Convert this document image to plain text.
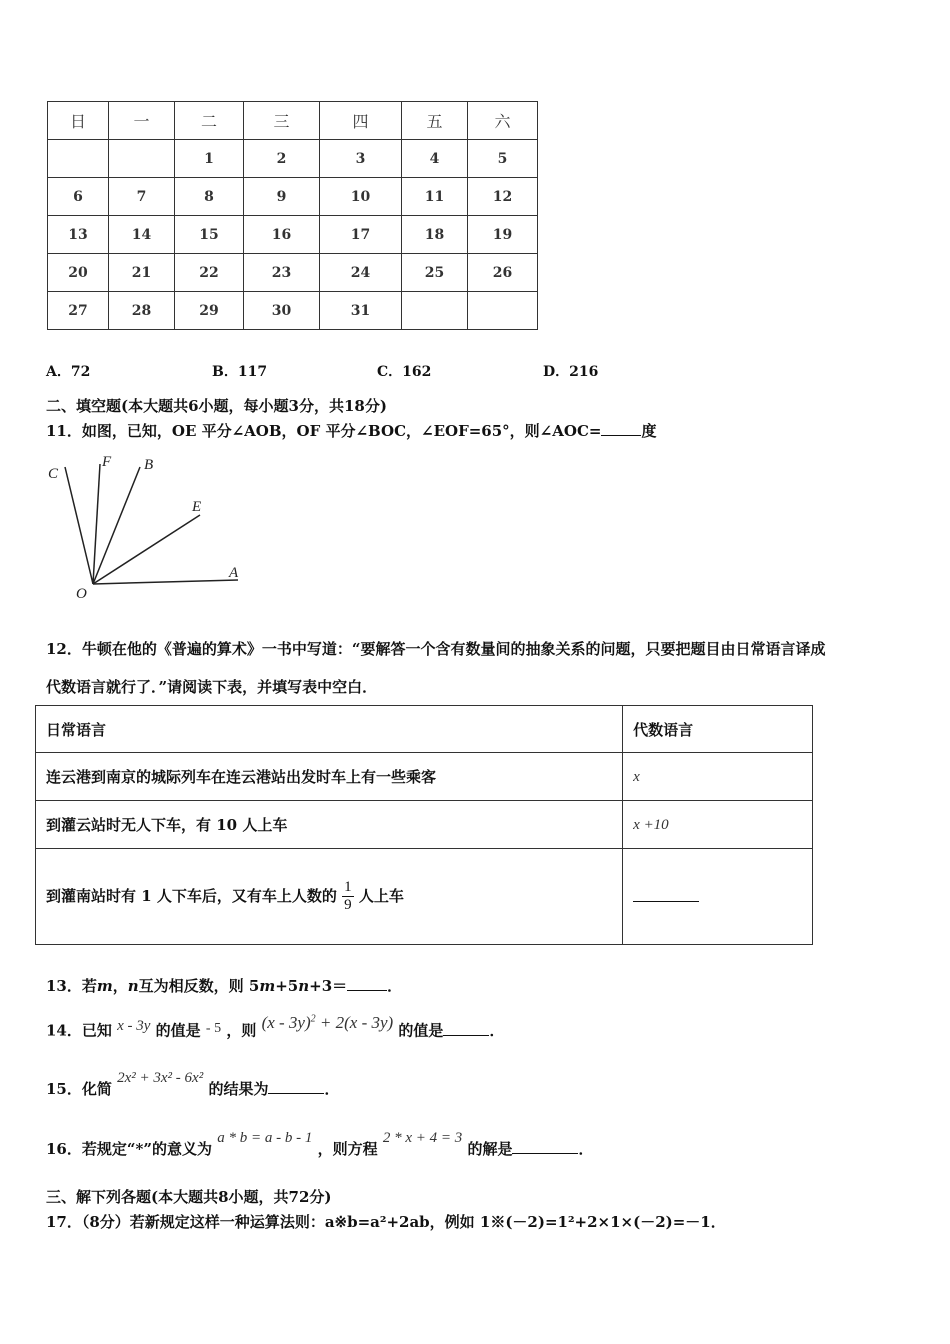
日	一	二	三	四	五	六
		1	2	3	4	5
6	7	8	9	10	11	12
13	14	15	16	17	18	19
20	21	22	23	24	25	26
27	28	29	30	31		
A．72	B．117	C．162	D．216
二、填空题(本大题共6小题，每小题3分，共18分)
11．如图，已知，OE 平分∠AOB，OF 平分∠BOC，∠EOF=65°，则∠AOC=	度
C
F B
E
A
O
12．牛顿在他的《普遍的算术》一书中写道：“要解答一个含有数量间的抽象关系的问题，只要把题目由日常语言译成
代数语言就行了．”请阅读下表，并填写表中空白．
日常语言	代数语言
连云港到南京的城际列车在连云港站出发时车上有一些乘客	x
到灌云站时无人下车，有 10 人上车	x +10
到灌南站时有 1 人下车后，又有车上人数的 $\frac{1}{9}$ 人上车	
13．若m，n互为相反数，则 5m+5n+3＝	．
14．已知 x - 3y 的值是 - 5 ，则 (x - 3y)$^2$ + 2(x - 3y) 的值是	．
15．化简 2x² + 3x² - 6x² 的结果为	．
16．若规定“*”的意义为 a * b = a - b - 1 ，则方程 2 * x + 4 = 3 的解是	．
三、解下列各题(本大题共8小题，共72分)
17．（8分）若新规定这样一种运算法则：a※b=a²+2ab，例如 1※(－2)=1²+2×1×(－2)=－1．
